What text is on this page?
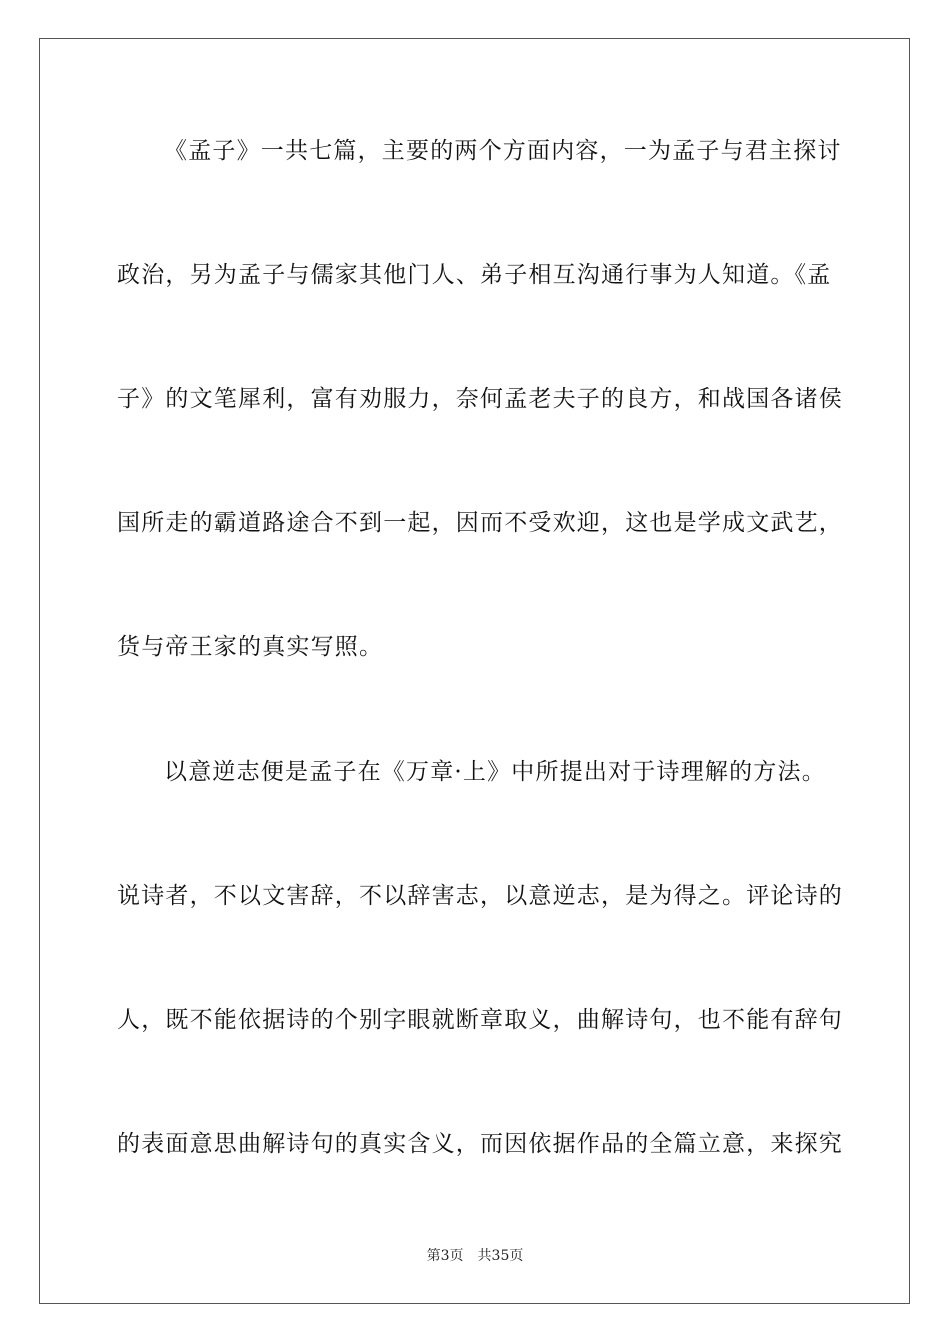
《孟子》一共七篇，主要的两个方面内容，一为孟子与君主探讨
政治，另为孟子与儒家其他门人、弟子相互沟通行事为人知道。《孟
子》的文笔犀利，富有劝服力，奈何孟老夫子的良方，和战国各诸侯
国所走的霸道路途合不到一起，因而不受欢迎，这也是学成文武艺，
货与帝王家的真实写照。
以意逆志便是孟子在《万章·上》中所提出对于诗理解的方法。
说诗者，不以文害辞，不以辞害志，以意逆志，是为得之。评论诗的
人，既不能依据诗的个别字眼就断章取义，曲解诗句，也不能有辞句
的表面意思曲解诗句的真实含义，而因依据作品的全篇立意，来探究
第3页 共35页
